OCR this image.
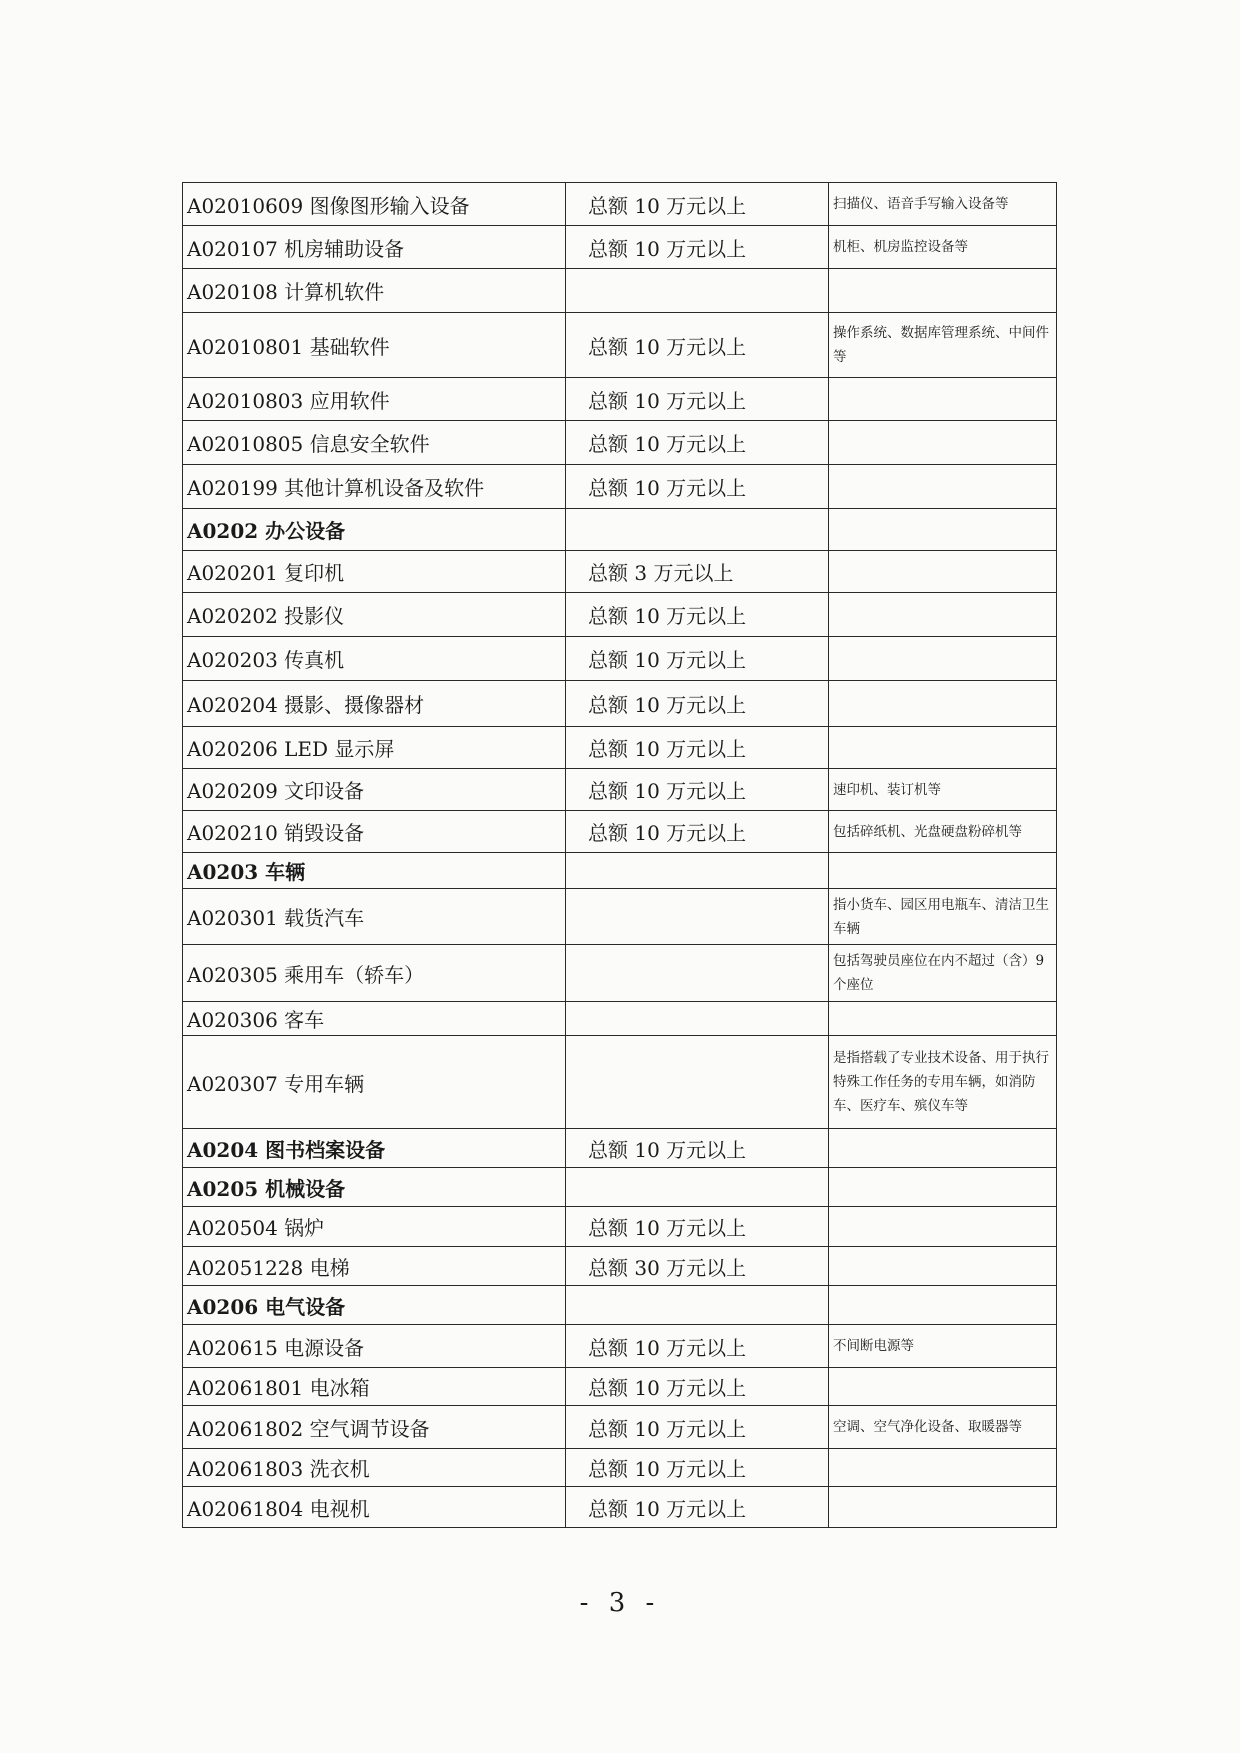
A02010609 图像图形输入设备	总额 10 万元以上	扫描仪、语音手写输入设备等
A020107 机房辅助设备	总额 10 万元以上	机柜、机房监控设备等
A020108 计算机软件		
A02010801 基础软件	总额 10 万元以上	操作系统、数据库管理系统、中间件等
A02010803 应用软件	总额 10 万元以上	
A02010805 信息安全软件	总额 10 万元以上	
A020199 其他计算机设备及软件	总额 10 万元以上	
A0202 办公设备		
A020201 复印机	总额 3 万元以上	
A020202 投影仪	总额 10 万元以上	
A020203 传真机	总额 10 万元以上	
A020204 摄影、摄像器材	总额 10 万元以上	
A020206 LED 显示屏	总额 10 万元以上	
A020209 文印设备	总额 10 万元以上	速印机、装订机等
A020210 销毁设备	总额 10 万元以上	包括碎纸机、光盘硬盘粉碎机等
A0203 车辆		
A020301 载货汽车		指小货车、园区用电瓶车、清洁卫生车辆
A020305 乘用车（轿车）		包括驾驶员座位在内不超过（含）9个座位
A020306 客车		
A020307 专用车辆		是指搭载了专业技术设备、用于执行特殊工作任务的专用车辆，如消防车、医疗车、殡仪车等
A0204 图书档案设备	总额 10 万元以上	
A0205 机械设备		
A020504 锅炉	总额 10 万元以上	
A02051228 电梯	总额 30 万元以上	
A0206 电气设备		
A020615 电源设备	总额 10 万元以上	不间断电源等
A02061801 电冰箱	总额 10 万元以上	
A02061802 空气调节设备	总额 10 万元以上	空调、空气净化设备、取暖器等
A02061803 洗衣机	总额 10 万元以上	
A02061804 电视机	总额 10 万元以上	
- 3 -
